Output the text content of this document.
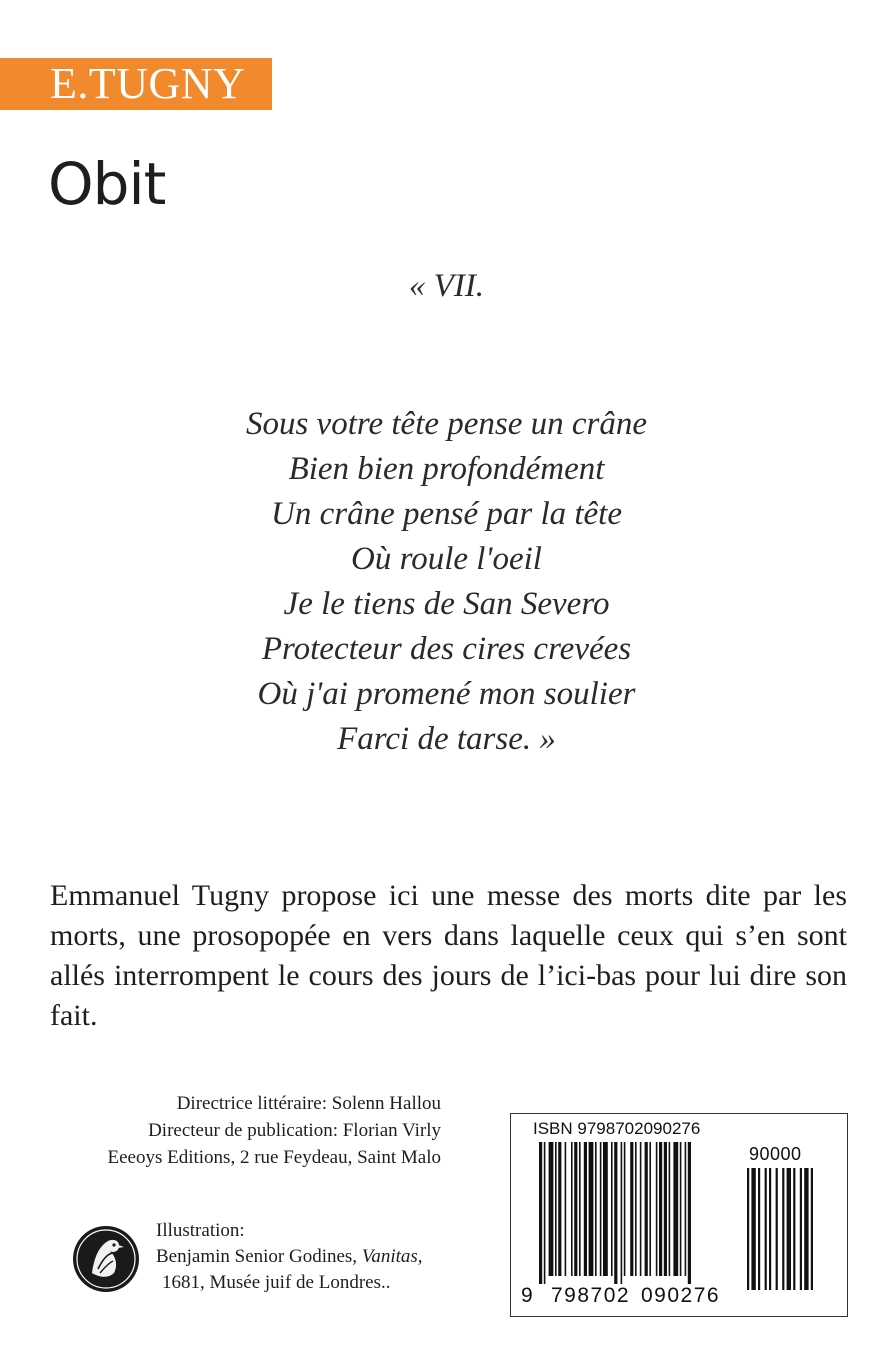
E.TUGNY
Obit
« VII.
Sous votre tête pense un crâne
Bien bien profondément
Un crâne pensé par la tête
Où roule l'oeil
Je le tiens de San Severo
Protecteur des cires crevées
Où j'ai promené mon soulier
Farci de tarse. »
Emmanuel Tugny propose ici une messe des morts dite par les morts, une prosopopée en vers dans laquelle ceux qui s’en sont allés interrompent le cours des jours de l’ici-bas pour lui dire son fait.
Directrice littéraire: Solenn Hallou
Directeur de publication: Florian Virly
Eeeoys Editions, 2 rue Feydeau, Saint Malo
Illustration:
Benjamin Senior Godines, Vanitas,
1681, Musée juif de Londres..
ISBN 9798702090276
90000
9 798702 090276
